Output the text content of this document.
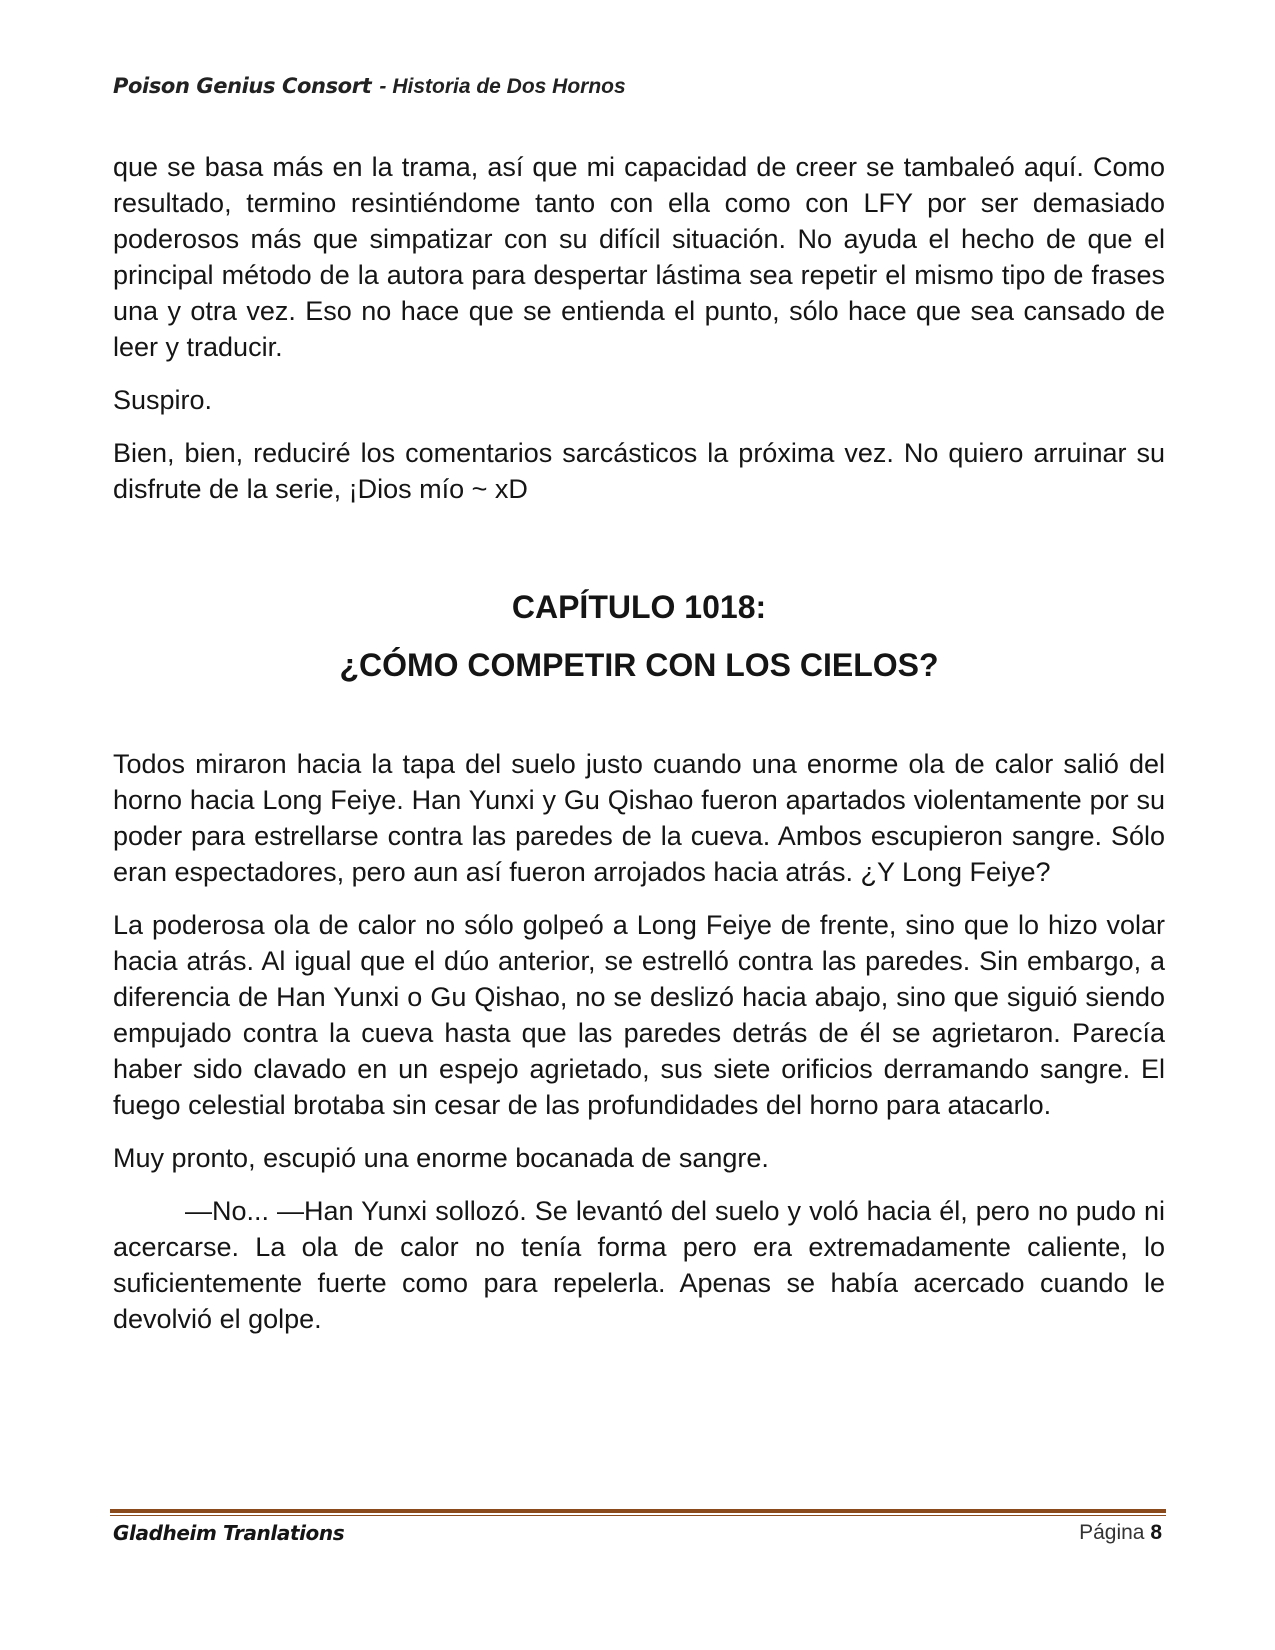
Poison Genius Consort - Historia de Dos Hornos

que se basa más en la trama, así que mi capacidad de creer se tambaleó aquí. Como resultado, termino resintiéndome tanto con ella como con LFY por ser demasiado poderosos más que simpatizar con su difícil situación. No ayuda el hecho de que el principal método de la autora para despertar lástima sea repetir el mismo tipo de frases una y otra vez. Eso no hace que se entienda el punto, sólo hace que sea cansado de leer y traducir.

Suspiro.

Bien, bien, reduciré los comentarios sarcásticos la próxima vez. No quiero arruinar su disfrute de la serie, ¡Dios mío ~ xD

CAPÍTULO 1018:
¿CÓMO COMPETIR CON LOS CIELOS?

Todos miraron hacia la tapa del suelo justo cuando una enorme ola de calor salió del horno hacia Long Feiye. Han Yunxi y Gu Qishao fueron apartados violentamente por su poder para estrellarse contra las paredes de la cueva. Ambos escupieron sangre. Sólo eran espectadores, pero aun así fueron arrojados hacia atrás. ¿Y Long Feiye?

La poderosa ola de calor no sólo golpeó a Long Feiye de frente, sino que lo hizo volar hacia atrás. Al igual que el dúo anterior, se estrelló contra las paredes. Sin embargo, a diferencia de Han Yunxi o Gu Qishao, no se deslizó hacia abajo, sino que siguió siendo empujado contra la cueva hasta que las paredes detrás de él se agrietaron. Parecía haber sido clavado en un espejo agrietado, sus siete orificios derramando sangre. El fuego celestial brotaba sin cesar de las profundidades del horno para atacarlo.

Muy pronto, escupió una enorme bocanada de sangre.

—No... —Han Yunxi sollozó. Se levantó del suelo y voló hacia él, pero no pudo ni acercarse. La ola de calor no tenía forma pero era extremadamente caliente, lo suficientemente fuerte como para repelerla. Apenas se había acercado cuando le devolvió el golpe.

Gladheim Tranlations	Página 8
